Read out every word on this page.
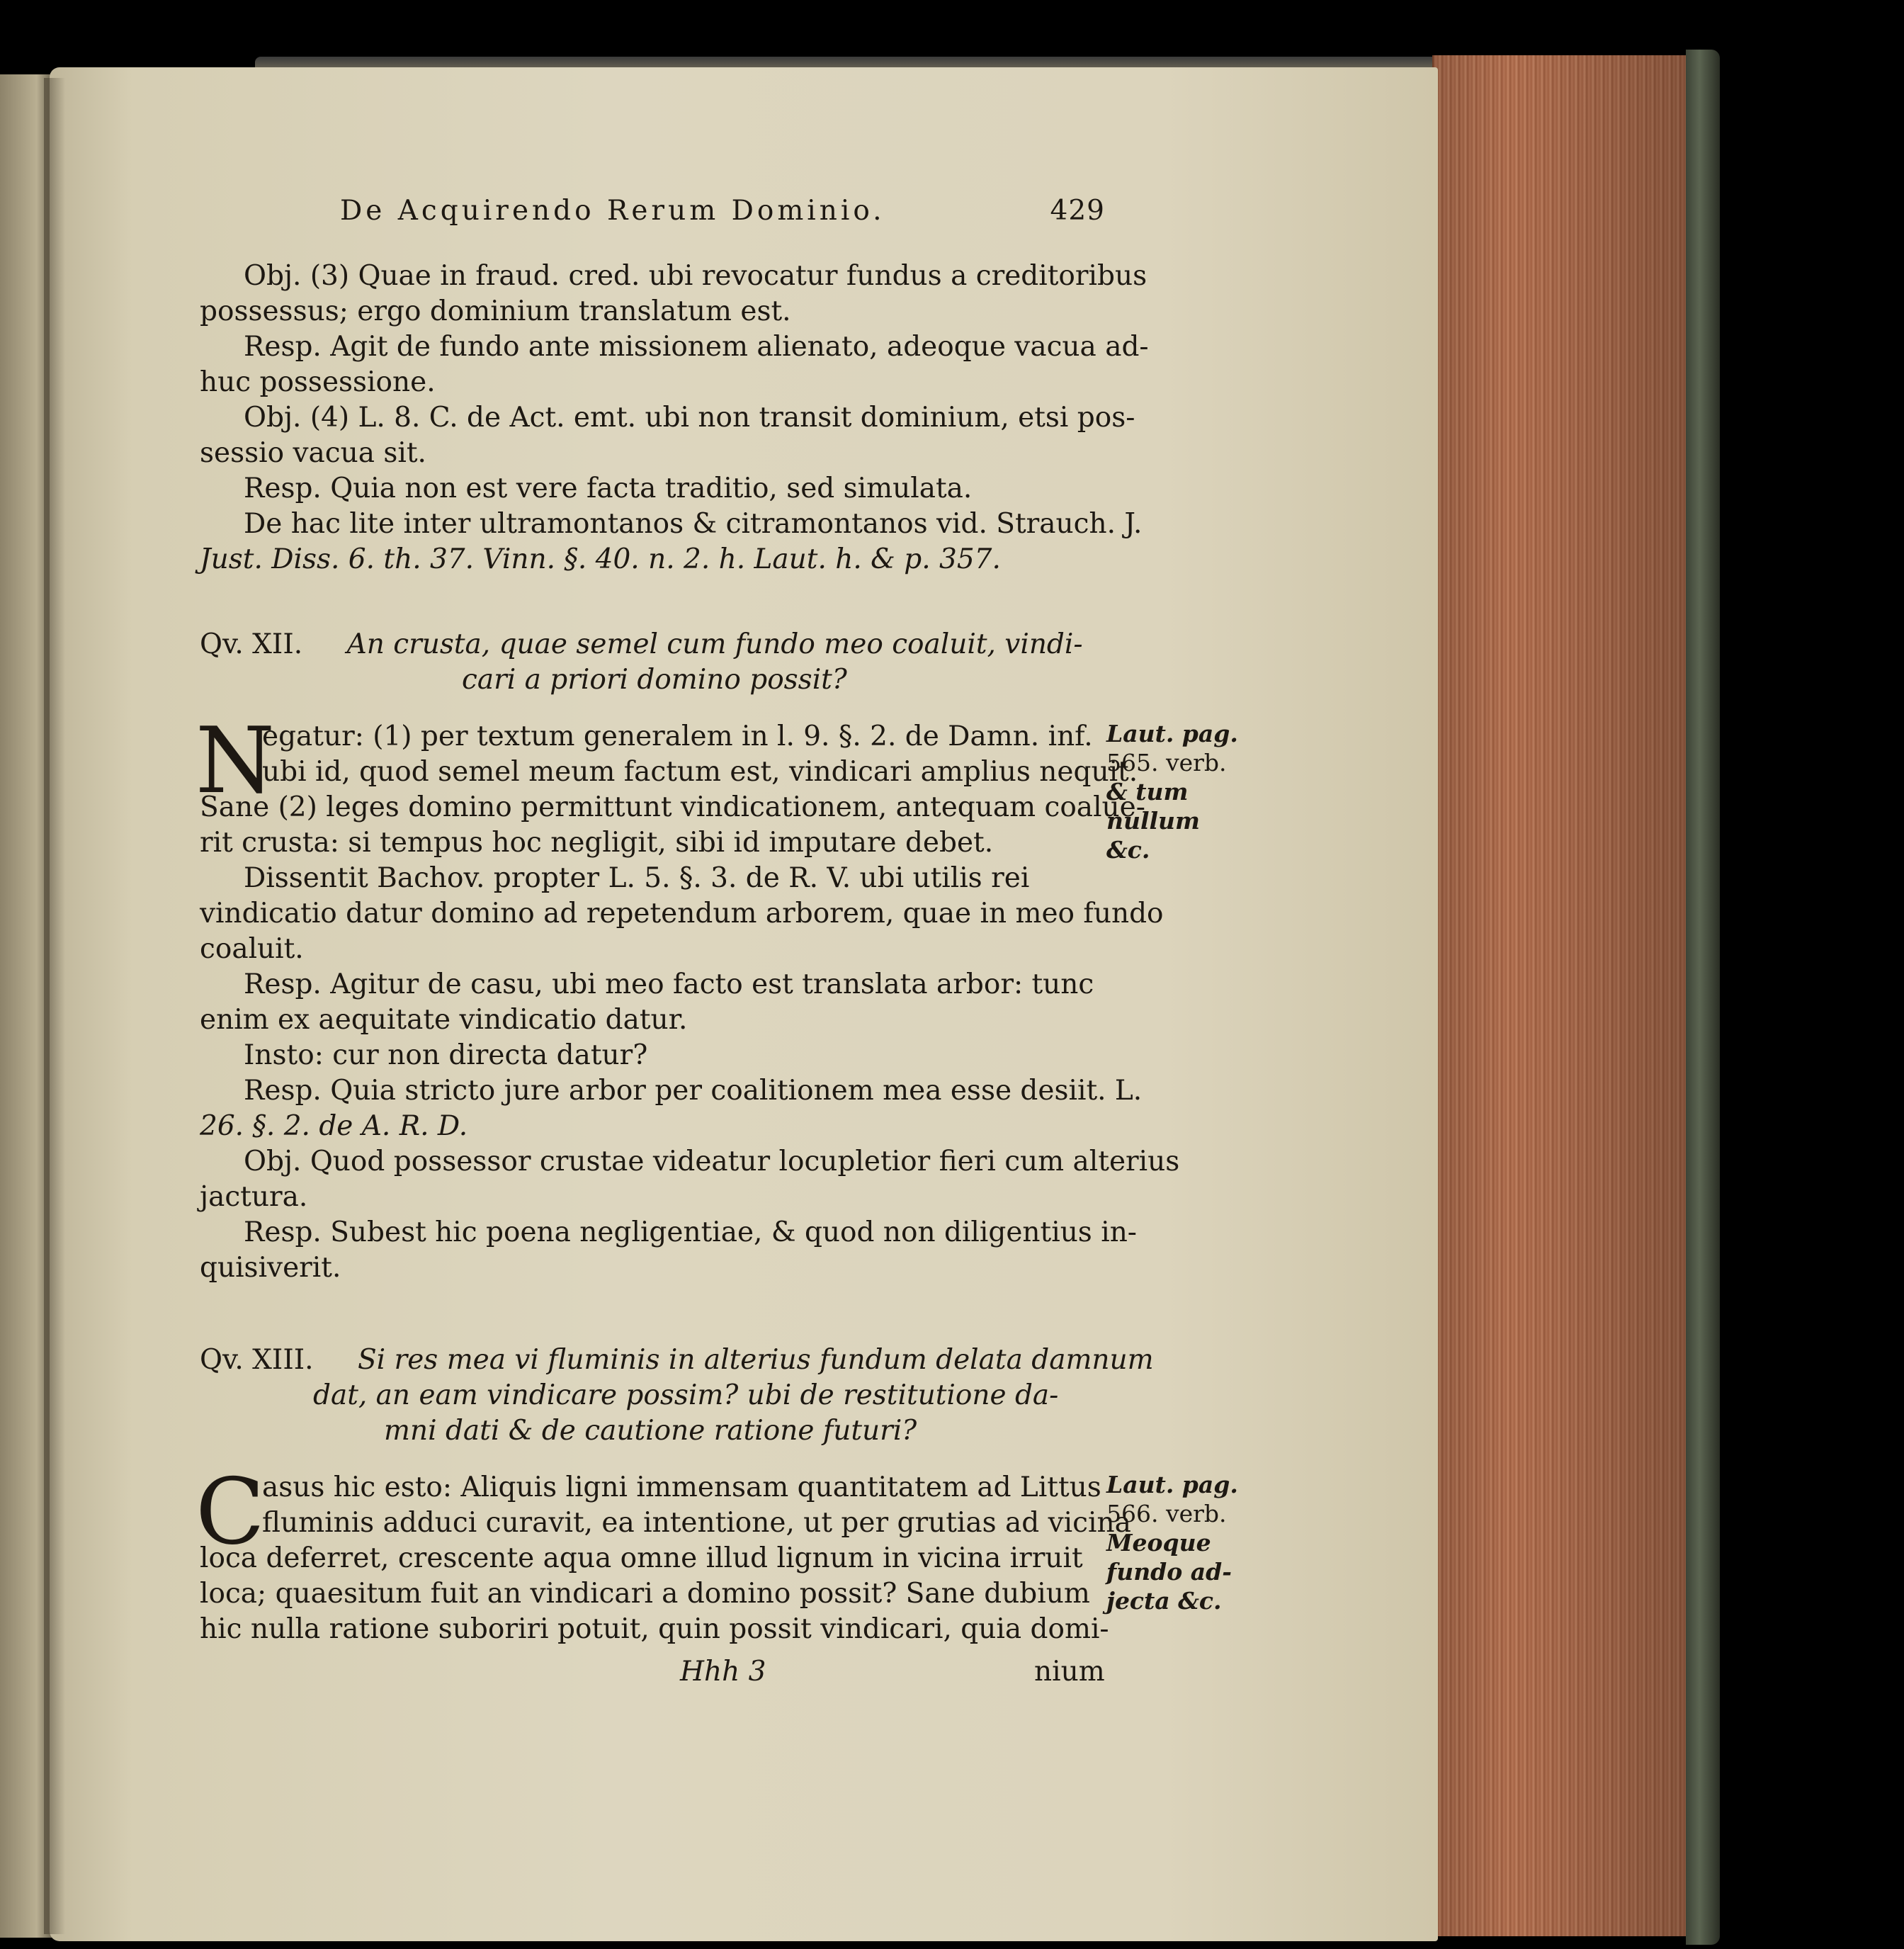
De Acquirendo Rerum Dominio.	429
Obj. (3) Quae in fraud. cred. ubi revocatur fundus a creditoribus
possessus; ergo dominium translatum est.
Resp. Agit de fundo ante missionem alienato, adeoque vacua ad-
huc possessione.
Obj. (4) L. 8. C. de Act. emt. ubi non transit dominium, etsi pos-
sessio vacua sit.
Resp. Quia non est vere facta traditio, sed simulata.
De hac lite inter ultramontanos & citramontanos vid. Strauch. J.
Just. Diss. 6. th. 37. Vinn. §. 40. n. 2. h. Laut. h. & p. 357.
Qv. XII. An crusta, quae semel cum fundo meo coaluit, vindi-
cari a priori domino possit?
N
egatur: (1) per textum generalem in l. 9. §. 2. de Damn. inf.
ubi id, quod semel meum factum est, vindicari amplius nequit.
Sane (2) leges domino permittunt vindicationem, antequam coalue-
rit crusta: si tempus hoc negligit, sibi id imputare debet.
Dissentit Bachov. propter L. 5. §. 3. de R. V. ubi utilis rei
vindicatio datur domino ad repetendum arborem, quae in meo fundo
coaluit.
Resp. Agitur de casu, ubi meo facto est translata arbor: tunc
enim ex aequitate vindicatio datur.
Insto: cur non directa datur?
Resp. Quia stricto jure arbor per coalitionem mea esse desiit. L.
26. §. 2. de A. R. D.
Obj. Quod possessor crustae videatur locupletior fieri cum alterius
jactura.
Resp. Subest hic poena negligentiae, & quod non diligentius in-
quisiverit.
Laut. pag.
565. verb.
& tum
nullum
&c.
Qv. XIII. Si res mea vi fluminis in alterius fundum delata damnum
dat, an eam vindicare possim? ubi de restitutione da-
mni dati & de cautione ratione futuri?
C
asus hic esto: Aliquis ligni immensam quantitatem ad Littus
fluminis adduci curavit, ea intentione, ut per grutias ad vicina
loca deferret, crescente aqua omne illud lignum in vicina irruit
loca; quaesitum fuit an vindicari a domino possit? Sane dubium
hic nulla ratione suboriri potuit, quin possit vindicari, quia domi-
Laut. pag.
566. verb.
Meoque
fundo ad-
jecta &c.
Hhh 3	nium
